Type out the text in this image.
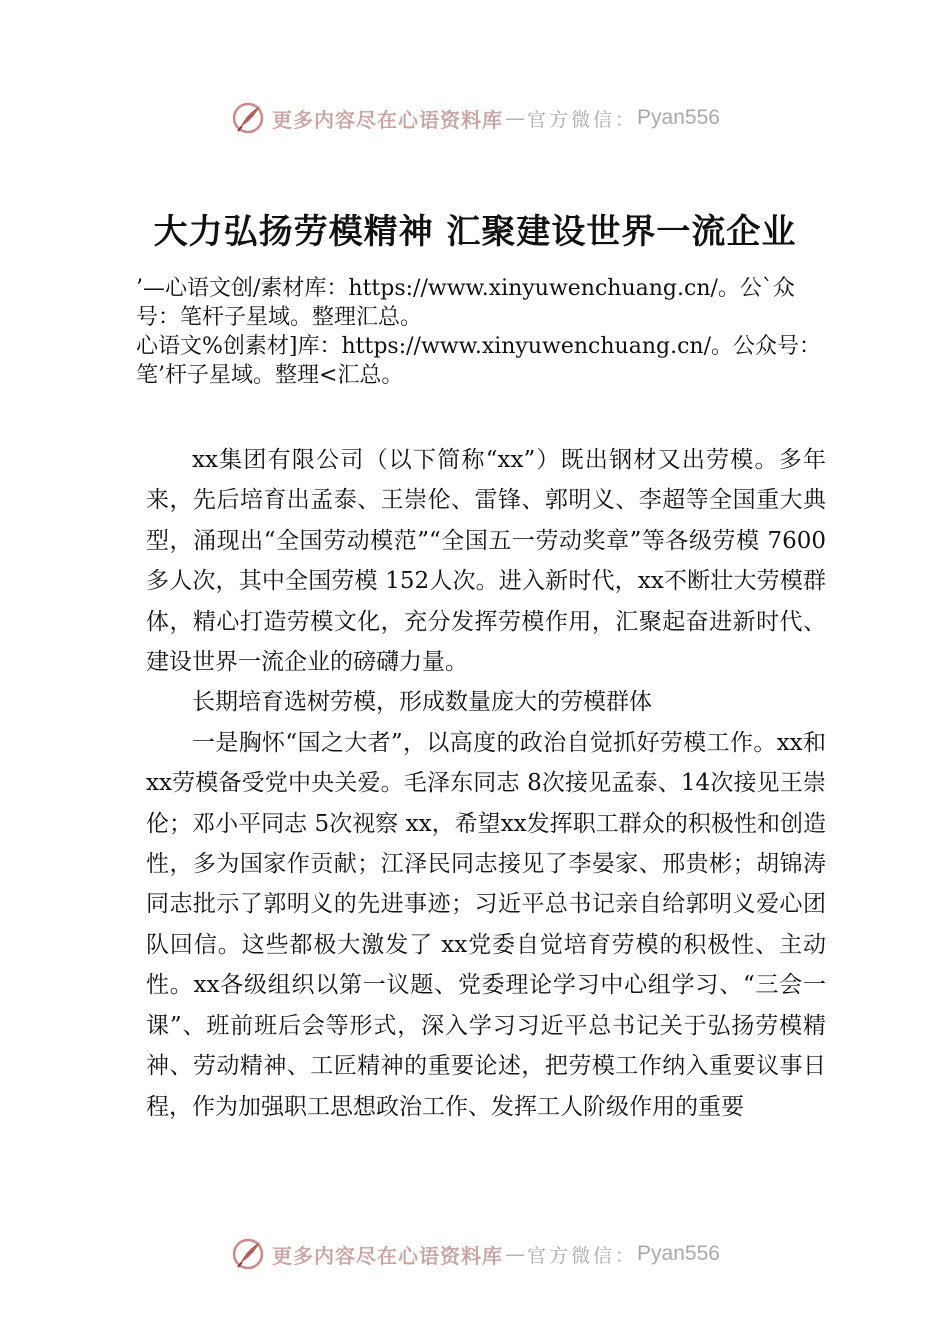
更多内容尽在心语资料库 — 官方微信： Pyan556
大力弘扬劳模精神 汇聚建设世界一流企业

’—心语文创/素材库：https://www.xinyuwenchuang.cn/。公`众号：笔杆子星域。整理汇总。

心语文%创素材]库：https://www.xinyuwenchuang.cn/。公众号：笔’杆子星域。整理<汇总。

xx集团有限公司（以下简称“xx”）既出钢材又出劳模。多年来，先后培育出孟泰、王崇伦、雷锋、郭明义、李超等全国重大典型，涌现出“全国劳动模范”“全国五一劳动奖章”等各级劳模 7600多人次，其中全国劳模 152人次。进入新时代，xx不断壮大劳模群体，精心打造劳模文化，充分发挥劳模作用，汇聚起奋进新时代、建设世界一流企业的磅礴力量。

长期培育选树劳模，形成数量庞大的劳模群体

一是胸怀“国之大者”，以高度的政治自觉抓好劳模工作。xx和 xx劳模备受党中央关爱。毛泽东同志 8次接见孟泰、14次接见王崇伦；邓小平同志 5次视察 xx，希望xx发挥职工群众的积极性和创造性，多为国家作贡献；江泽民同志接见了李晏家、邢贵彬；胡锦涛同志批示了郭明义的先进事迹；习近平总书记亲自给郭明义爱心团队回信。这些都极大激发了 xx党委自觉培育劳模的积极性、主动性。xx各级组织以第一议题、党委理论学习中心组学习、“三会一课”、班前班后会等形式，深入学习习近平总书记关于弘扬劳模精神、劳动精神、工匠精神的重要论述，把劳模工作纳入重要议事日程，作为加强职工思想政治工作、发挥工人阶级作用的重要

更多内容尽在心语资料库 — 官方微信： Pyan556
